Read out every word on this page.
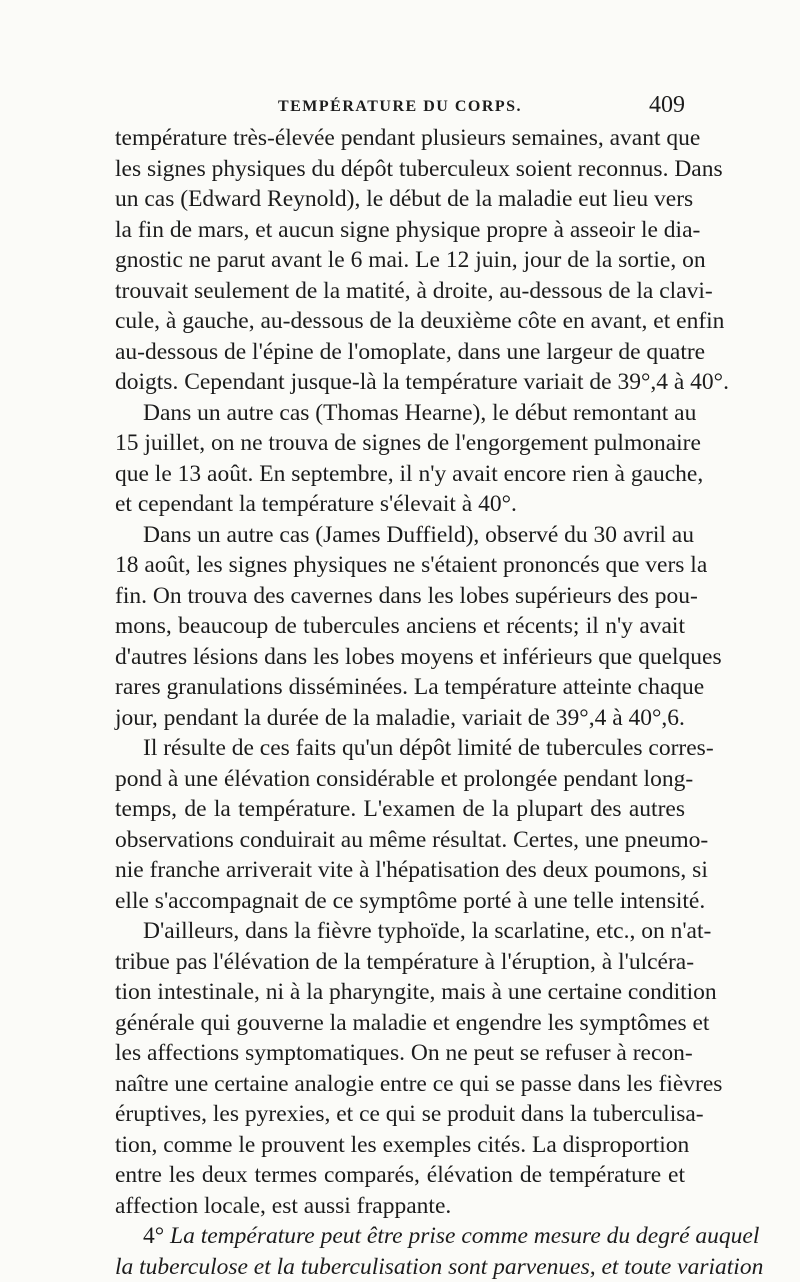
TEMPÉRATURE DU CORPS.	409
température très-élevée pendant plusieurs semaines, avant que
les signes physiques du dépôt tuberculeux soient reconnus. Dans
un cas (Edward Reynold), le début de la maladie eut lieu vers
la fin de mars, et aucun signe physique propre à asseoir le dia-
gnostic ne parut avant le 6 mai. Le 12 juin, jour de la sortie, on
trouvait seulement de la matité, à droite, au-dessous de la clavi-
cule, à gauche, au-dessous de la deuxième côte en avant, et enfin
au-dessous de l'épine de l'omoplate, dans une largeur de quatre
doigts. Cependant jusque-là la température variait de 39°,4 à 40°.
Dans un autre cas (Thomas Hearne), le début remontant au
15 juillet, on ne trouva de signes de l'engorgement pulmonaire
que le 13 août. En septembre, il n'y avait encore rien à gauche,
et cependant la température s'élevait à 40°.
Dans un autre cas (James Duffield), observé du 30 avril au
18 août, les signes physiques ne s'étaient prononcés que vers la
fin. On trouva des cavernes dans les lobes supérieurs des pou-
mons, beaucoup de tubercules anciens et récents; il n'y avait
d'autres lésions dans les lobes moyens et inférieurs que quelques
rares granulations disséminées. La température atteinte chaque
jour, pendant la durée de la maladie, variait de 39°,4 à 40°,6.
Il résulte de ces faits qu'un dépôt limité de tubercules corres-
pond à une élévation considérable et prolongée pendant long-
temps, de la température. L'examen de la plupart des autres
observations conduirait au même résultat. Certes, une pneumo-
nie franche arriverait vite à l'hépatisation des deux poumons, si
elle s'accompagnait de ce symptôme porté à une telle intensité.
D'ailleurs, dans la fièvre typhoïde, la scarlatine, etc., on n'at-
tribue pas l'élévation de la température à l'éruption, à l'ulcéra-
tion intestinale, ni à la pharyngite, mais à une certaine condition
générale qui gouverne la maladie et engendre les symptômes et
les affections symptomatiques. On ne peut se refuser à recon-
naître une certaine analogie entre ce qui se passe dans les fièvres
éruptives, les pyrexies, et ce qui se produit dans la tuberculisa-
tion, comme le prouvent les exemples cités. La disproportion
entre les deux termes comparés, élévation de température et
affection locale, est aussi frappante.
4° La température peut être prise comme mesure du degré auquel
la tuberculose et la tuberculisation sont parvenues, et toute variation
